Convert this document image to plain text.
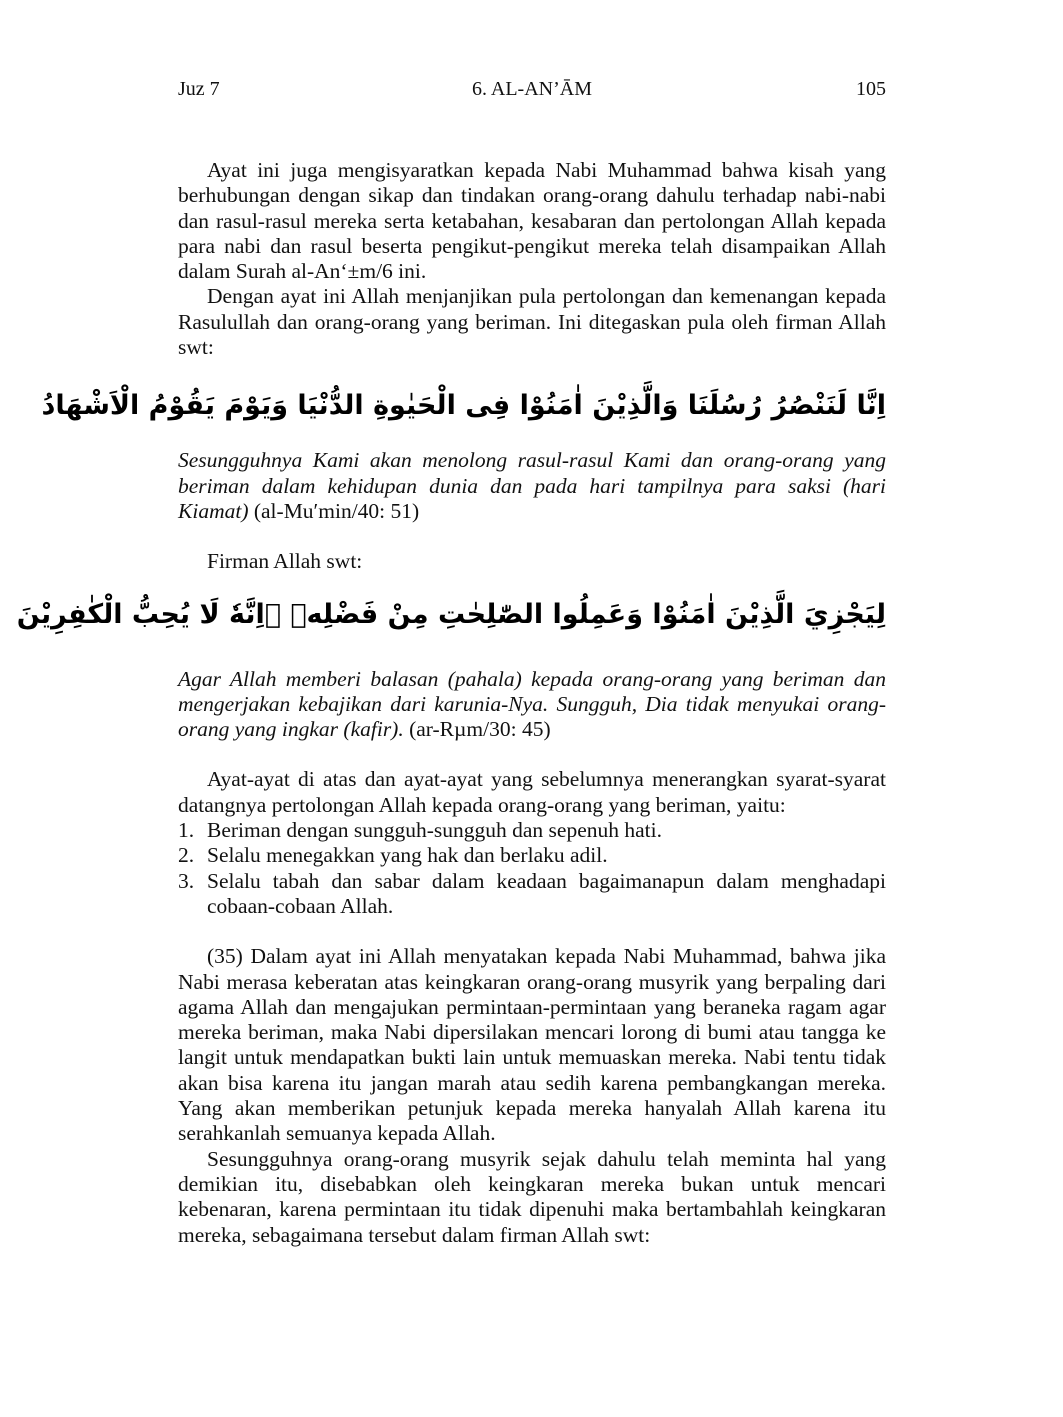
Juz 7	6. AL-AN’ĀM	105

Ayat ini juga mengisyaratkan kepada Nabi Muhammad bahwa kisah yang berhubungan dengan sikap dan tindakan orang-orang dahulu terhadap nabi-nabi dan rasul-rasul mereka serta ketabahan, kesabaran dan pertolongan Allah kepada para nabi dan rasul beserta pengikut-pengikut mereka telah disampaikan Allah dalam Surah al-An‘±m/6 ini.

Dengan ayat ini Allah menjanjikan pula pertolongan dan kemenangan kepada Rasulullah dan orang-orang yang beriman. Ini ditegaskan pula oleh firman Allah swt:

اِنَّا لَنَنْصُرُ رُسُلَنَا وَالَّذِيْنَ اٰمَنُوْا فِى الْحَيٰوةِ الدُّنْيَا وَيَوْمَ يَقُوْمُ الْاَشْهَادُ

Sesungguhnya Kami akan menolong rasul-rasul Kami dan orang-orang yang beriman dalam kehidupan dunia dan pada hari tampilnya para saksi (hari Kiamat) (al-Mu′min/40: 51)

Firman Allah swt:

لِيَجْزِيَ الَّذِيْنَ اٰمَنُوْا وَعَمِلُوا الصّٰلِحٰتِ مِنْ فَضْلِهٖ ۗاِنَّهٗ لَا يُحِبُّ الْكٰفِرِيْنَ

Agar Allah memberi balasan (pahala) kepada orang-orang yang beriman dan mengerjakan kebajikan dari karunia-Nya. Sungguh, Dia tidak menyukai orang-orang yang ingkar (kafir). (ar-Rµm/30: 45)

Ayat-ayat di atas dan ayat-ayat yang sebelumnya menerangkan syarat-syarat datangnya pertolongan Allah kepada orang-orang yang beriman, yaitu:

1. Beriman dengan sungguh-sungguh dan sepenuh hati.
2. Selalu menegakkan yang hak dan berlaku adil.
3. Selalu tabah dan sabar dalam keadaan bagaimanapun dalam menghadapi cobaan-cobaan Allah.

(35) Dalam ayat ini Allah menyatakan kepada Nabi Muhammad, bahwa jika Nabi merasa keberatan atas keingkaran orang-orang musyrik yang berpaling dari agama Allah dan mengajukan permintaan-permintaan yang beraneka ragam agar mereka beriman, maka Nabi dipersilakan mencari lorong di bumi atau tangga ke langit untuk mendapatkan bukti lain untuk memuaskan mereka. Nabi tentu tidak akan bisa karena itu jangan marah atau sedih karena pembangkangan mereka. Yang akan memberikan petunjuk kepada mereka hanyalah Allah karena itu serahkanlah semuanya kepada Allah.

Sesungguhnya orang-orang musyrik sejak dahulu telah meminta hal yang demikian itu, disebabkan oleh keingkaran mereka bukan untuk mencari kebenaran, karena permintaan itu tidak dipenuhi maka bertambahlah keingkaran mereka, sebagaimana tersebut dalam firman Allah swt:
